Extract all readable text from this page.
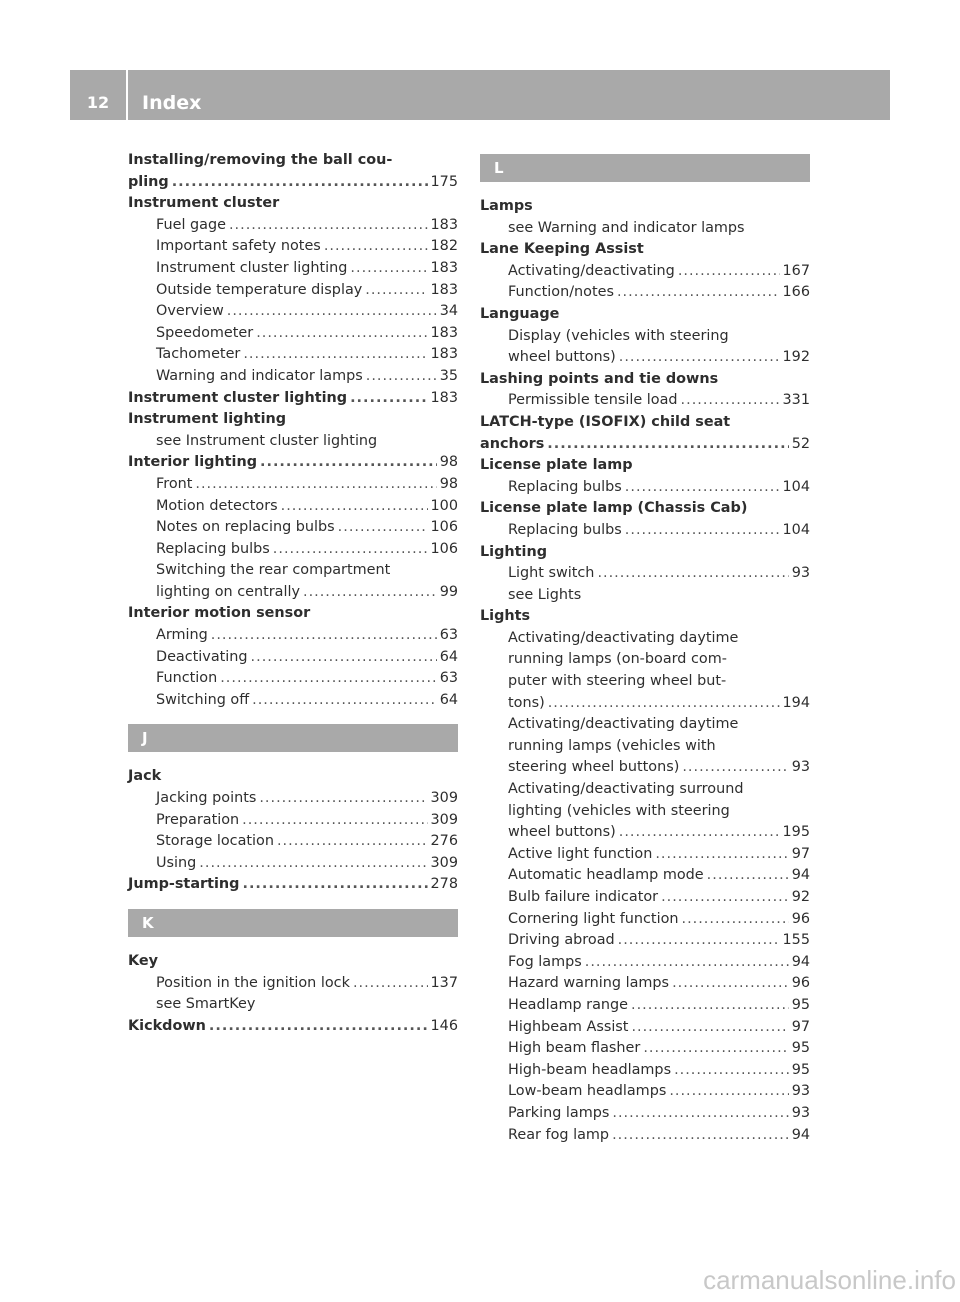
12	Index
Installing/removing the ball cou-
pling .....	175
Instrument cluster
Fuel gage .....	183
Important safety notes .....	182
Instrument cluster lighting .....	183
Outside temperature display .....	183
Overview .....	34
Speedometer .....	183
Tachometer .....	183
Warning and indicator lamps .....	35
Instrument cluster lighting .....	183
Instrument lighting
see Instrument cluster lighting
Interior lighting .....	98
Front .....	98
Motion detectors .....	100
Notes on replacing bulbs .....	106
Replacing bulbs .....	106
Switching the rear compartment
lighting on centrally .....	99
Interior motion sensor
Arming .....	63
Deactivating .....	64
Function .....	63
Switching off .....	64
J
Jack
Jacking points .....	309
Preparation .....	309
Storage location .....	276
Using .....	309
Jump-starting .....	278
K
Key
Position in the ignition lock .....	137
see SmartKey
Kickdown .....	146
L
Lamps
see Warning and indicator lamps
Lane Keeping Assist
Activating/deactivating .....	167
Function/notes .....	166
Language
Display (vehicles with steering
wheel buttons) .....	192
Lashing points and tie downs
Permissible tensile load .....	331
LATCH-type (ISOFIX) child seat
anchors .....	52
License plate lamp
Replacing bulbs .....	104
License plate lamp (Chassis Cab)
Replacing bulbs .....	104
Lighting
Light switch .....	93
see Lights
Lights
Activating/deactivating daytime
running lamps (on-board com-
puter with steering wheel but-
tons) .....	194
Activating/deactivating daytime
running lamps (vehicles with
steering wheel buttons) .....	93
Activating/deactivating surround
lighting (vehicles with steering
wheel buttons) .....	195
Active light function .....	97
Automatic headlamp mode .....	94
Bulb failure indicator .....	92
Cornering light function .....	96
Driving abroad .....	155
Fog lamps .....	94
Hazard warning lamps .....	96
Headlamp range .....	95
Highbeam Assist .....	97
High beam flasher .....	95
High-beam headlamps .....	95
Low-beam headlamps .....	93
Parking lamps .....	93
Rear fog lamp .....	94
carmanualsonline.info
